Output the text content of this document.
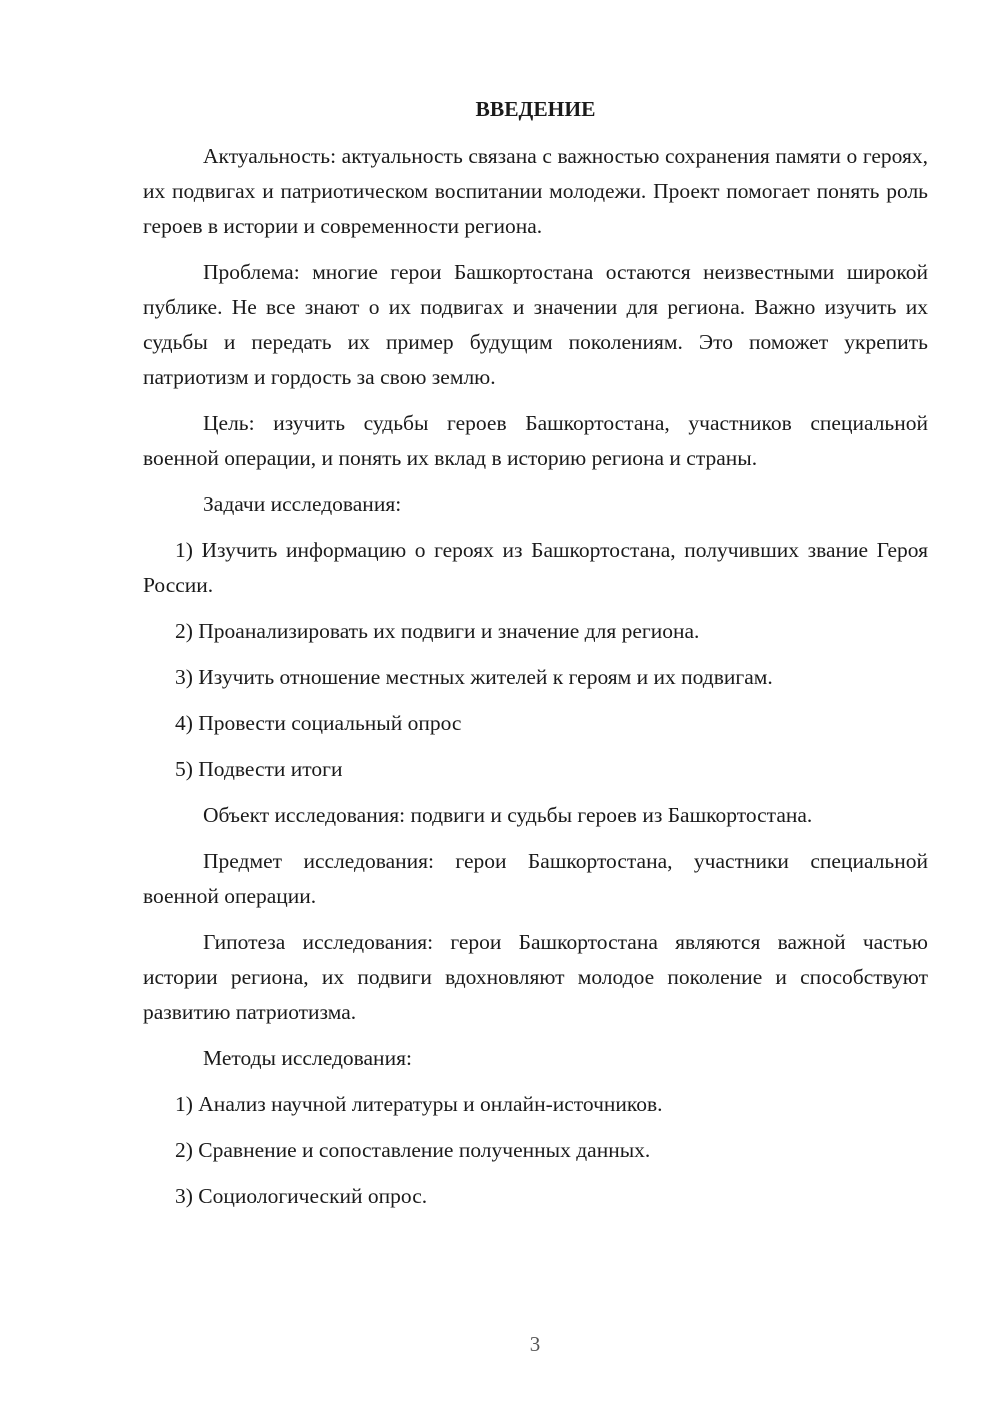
ВВЕДЕНИЕ

Актуальность: актуальность связана с важностью сохранения памяти о героях, их подвигах и патриотическом воспитании молодежи. Проект помогает понять роль героев в истории и современности региона.

Проблема: многие герои Башкортостана остаются неизвестными широкой публике. Не все знают о их подвигах и значении для региона. Важно изучить их судьбы и передать их пример будущим поколениям. Это поможет укрепить патриотизм и гордость за свою землю.

Цель: изучить судьбы героев Башкортостана, участников специальной военной операции, и понять их вклад в историю региона и страны.

Задачи исследования:

1) Изучить информацию о героях из Башкортостана, получивших звание Героя России.

2) Проанализировать их подвиги и значение для региона.

3) Изучить отношение местных жителей к героям и их подвигам.

4) Провести социальный опрос

5) Подвести итоги

Объект исследования: подвиги и судьбы героев из Башкортостана.

Предмет исследования: герои Башкортостана, участники специальной военной операции.

Гипотеза исследования: герои Башкортостана являются важной частью истории региона, их подвиги вдохновляют молодое поколение и способствуют развитию патриотизма.

Методы исследования:

1) Анализ научной литературы и онлайн-источников.

2) Сравнение и сопоставление полученных данных.

3) Социологический опрос.

3
